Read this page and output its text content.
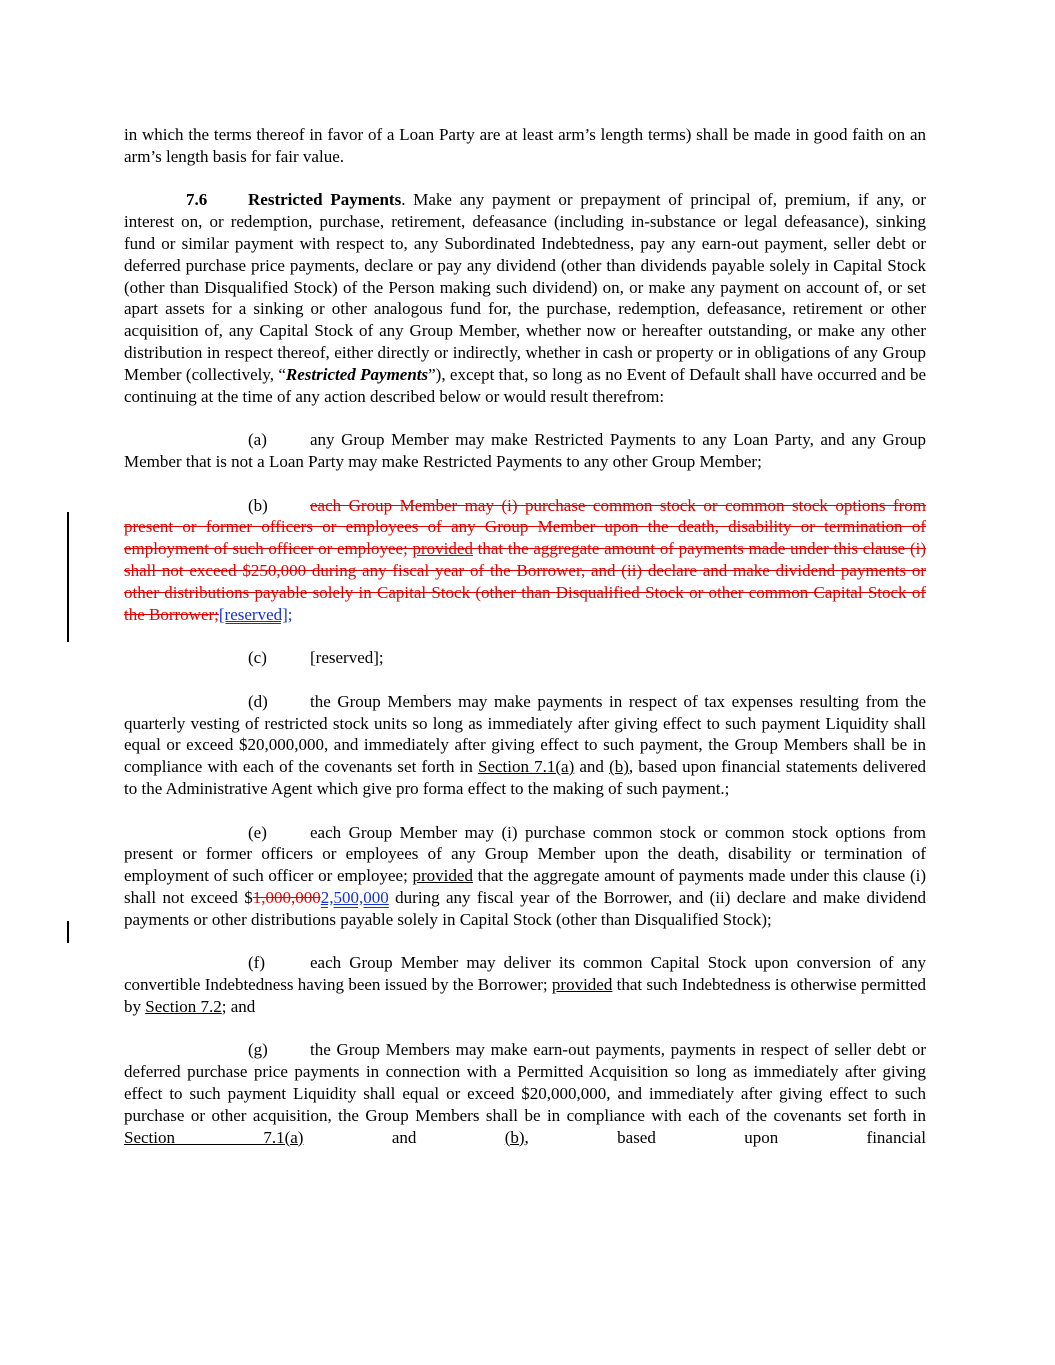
in which the terms thereof in favor of a Loan Party are at least arm’s length terms) shall be made in good faith on an arm’s length basis for fair value.

7.6 Restricted Payments. Make any payment or prepayment of principal of, premium, if any, or interest on, or redemption, purchase, retirement, defeasance (including in-substance or legal defeasance), sinking fund or similar payment with respect to, any Subordinated Indebtedness, pay any earn-out payment, seller debt or deferred purchase price payments, declare or pay any dividend (other than dividends payable solely in Capital Stock (other than Disqualified Stock) of the Person making such dividend) on, or make any payment on account of, or set apart assets for a sinking or other analogous fund for, the purchase, redemption, defeasance, retirement or other acquisition of, any Capital Stock of any Group Member, whether now or hereafter outstanding, or make any other distribution in respect thereof, either directly or indirectly, whether in cash or property or in obligations of any Group Member (collectively, “Restricted Payments”), except that, so long as no Event of Default shall have occurred and be continuing at the time of any action described below or would result therefrom:

(a)	any Group Member may make Restricted Payments to any Loan Party, and any Group Member that is not a Loan Party may make Restricted Payments to any other Group Member;

(b) each Group Member may (i) purchase common stock or common stock options from present or former officers or employees of any Group Member upon the death, disability or termination of employment of such officer or employee; provided that the aggregate amount of payments made under this clause (i) shall not exceed $250,000 during any fiscal year of the Borrower, and (ii) declare and make dividend payments or other distributions payable solely in Capital Stock (other than Disqualified Stock or other common Capital Stock of the Borrower;[reserved];

(c)	[reserved];

(d) the Group Members may make payments in respect of tax expenses resulting from the quarterly vesting of restricted stock units so long as immediately after giving effect to such payment Liquidity shall equal or exceed $20,000,000, and immediately after giving effect to such payment, the Group Members shall be in compliance with each of the covenants set forth in Section 7.1(a) and (b), based upon financial statements delivered to the Administrative Agent which give pro forma effect to the making of such payment.;

(e)	each Group Member may (i) purchase common stock or common stock options from present or former officers or employees of any Group Member upon the death, disability or termination of employment of such officer or employee; provided that the aggregate amount of payments made under this clause (i) shall not exceed $1,000,0002,500,000 during any fiscal year of the Borrower, and (ii) declare and make dividend payments or other distributions payable solely in Capital Stock (other than Disqualified Stock);

(f)	each Group Member may deliver its common Capital Stock upon conversion of any convertible Indebtedness having been issued by the Borrower; provided that such Indebtedness is otherwise permitted by Section 7.2; and

(g) the Group Members may make earn-out payments, payments in respect of seller debt or deferred purchase price payments in connection with a Permitted Acquisition so long as immediately after giving effect to such payment Liquidity shall equal or exceed $20,000,000, and immediately after giving effect to such purchase or other acquisition, the Group Members shall be in compliance with each of the covenants set forth in Section 7.1(a) and (b), based upon financial
